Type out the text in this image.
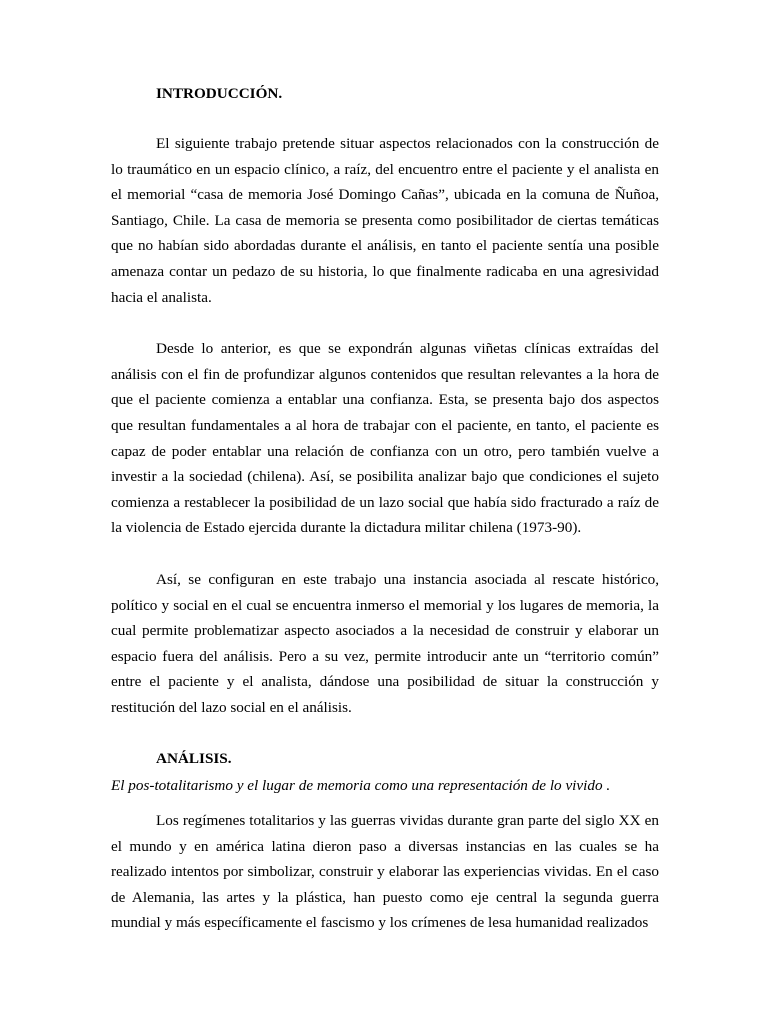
INTRODUCCIÓN.

El siguiente trabajo pretende situar aspectos relacionados con la construcción de lo traumático en un espacio clínico, a raíz, del encuentro entre el paciente y el analista en el memorial “casa de memoria José Domingo Cañas”, ubicada en la comuna de Ñuñoa, Santiago, Chile. La casa de memoria se presenta como posibilitador de ciertas temáticas que no habían sido abordadas durante el análisis, en tanto el paciente sentía una posible amenaza contar un pedazo de su historia, lo que finalmente radicaba en una agresividad hacia el analista.

Desde lo anterior, es que se expondrán algunas viñetas clínicas extraídas del análisis con el fin de profundizar algunos contenidos que resultan relevantes a la hora de que el paciente comienza a entablar una confianza. Esta, se presenta bajo dos aspectos que resultan fundamentales a al hora de trabajar con el paciente, en tanto, el paciente es capaz de poder entablar una relación de confianza con un otro, pero también vuelve a investir a la sociedad (chilena). Así, se posibilita analizar bajo que condiciones el sujeto comienza a restablecer la posibilidad de un lazo social que había sido fracturado a raíz de la violencia de Estado ejercida durante la dictadura militar chilena (1973-90).

Así, se configuran en este trabajo una instancia asociada al rescate histórico, político y social en el cual se encuentra inmerso el memorial y los lugares de memoria, la cual permite problematizar aspecto asociados a la necesidad de construir y elaborar un espacio fuera del análisis. Pero a su vez, permite introducir ante un “territorio común” entre el paciente y el analista, dándose una posibilidad de situar la construcción y restitución del lazo social en el análisis.

ANÁLISIS.

El pos-totalitarismo y el lugar de memoria como una representación de lo vivido .

Los regímenes totalitarios y las guerras vividas durante gran parte del siglo XX en el mundo y en américa latina dieron paso a diversas instancias en las cuales se ha realizado intentos por simbolizar, construir y elaborar las experiencias vividas. En el caso de Alemania, las artes y la plástica, han puesto como eje central la segunda guerra mundial y más específicamente el fascismo y los crímenes de lesa humanidad realizados
